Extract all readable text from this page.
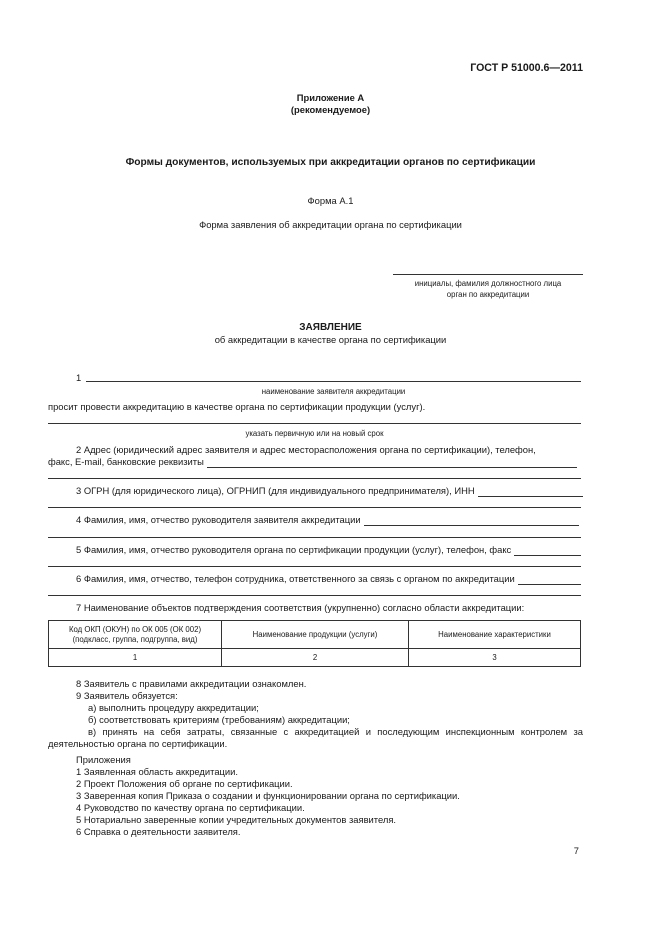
ГОСТ Р 51000.6—2011
Приложение А
(рекомендуемое)
Формы документов, используемых при аккредитации органов по сертификации
Форма А.1
Форма заявления об аккредитации органа по сертификации
инициалы, фамилия должностного лица
орган по аккредитации
ЗАЯВЛЕНИЕ
об аккредитации в качестве органа по сертификации
1
наименование заявителя аккредитации
просит провести аккредитацию в качестве органа по сертификации продукции (услуг).
указать первичную или на новый срок
2 Адрес (юридический адрес заявителя и адрес месторасположения органа по сертификации), телефон,
факс, E-mail, банковские реквизиты
3 ОГРН (для юридического лица), ОГРНИП (для индивидуального предпринимателя), ИНН
4 Фамилия, имя, отчество руководителя заявителя аккредитации
5 Фамилия, имя, отчество руководителя органа по сертификации продукции (услуг), телефон, факс
6 Фамилия, имя, отчество, телефон сотрудника, ответственного за связь с органом по аккредитации
7 Наименование объектов подтверждения соответствия (укрупненно) согласно области аккредитации:
Код ОКП (ОКУН) по ОК 005 (ОК 002) (подкласс, группа, подгруппа, вид)	Наименование продукции (услуги)	Наименование характеристики
1	2	3
8 Заявитель с правилами аккредитации ознакомлен.
9 Заявитель обязуется:
а) выполнить процедуру аккредитации;
б) соответствовать критериям (требованиям) аккредитации;
в) принять на себя затраты, связанные с аккредитацией и последующим инспекционным контролем за деятельностью органа по сертификации.
Приложения
1 Заявленная область аккредитации.
2 Проект Положения об органе по сертификации.
3 Заверенная копия Приказа о создании и функционировании органа по сертификации.
4 Руководство по качеству органа по сертификации.
5 Нотариально заверенные копии учредительных документов заявителя.
6 Справка о деятельности заявителя.
7
